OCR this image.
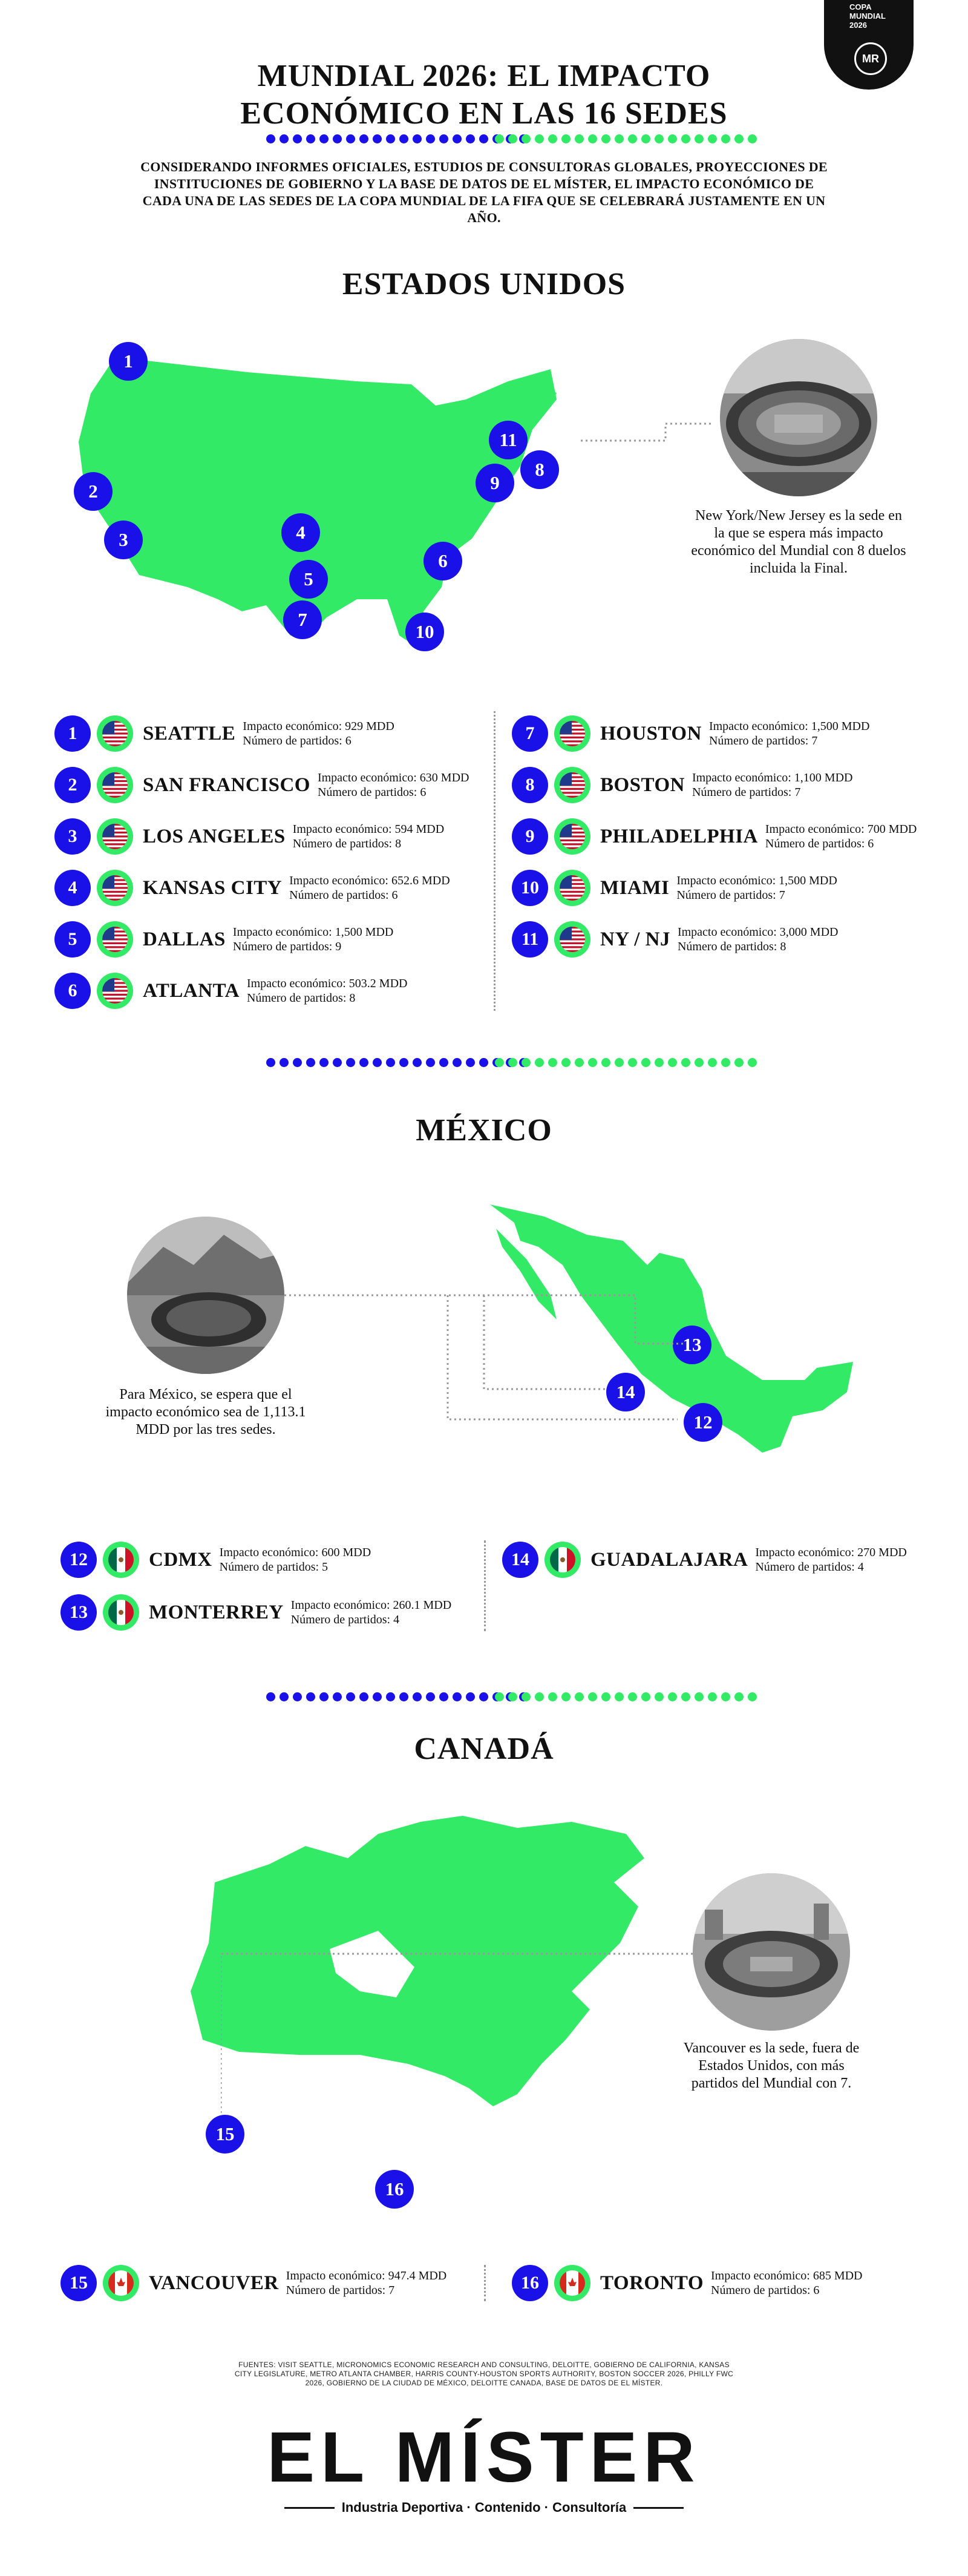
COPA
MUNDIAL
2026
MR
MUNDIAL 2026: EL IMPACTO
ECONÓMICO EN LAS 16 SEDES
CONSIDERANDO INFORMES OFICIALES, ESTUDIOS DE CONSULTORAS GLOBALES, PROYECCIONES DE INSTITUCIONES DE GOBIERNO Y LA BASE DE DATOS DE EL MÍSTER, EL IMPACTO ECONÓMICO DE CADA UNA DE LAS SEDES DE LA COPA MUNDIAL DE LA FIFA QUE SE CELEBRARÁ JUSTAMENTE EN UN AÑO.
ESTADOS UNIDOS
1
2
3	4
5
6
7
8
9
10
11
New York/New Jersey es la sede en la que se espera más impacto económico del Mundial con 8 duelos incluida la Final.
1	SEATTLE Impacto económico: 929 MDD
Número de partidos: 6
2	SAN FRANCISCO Impacto económico: 630 MDD
Número de partidos: 6
3	LOS ANGELES Impacto económico: 594 MDD
Número de partidos: 8
4	KANSAS CITY Impacto económico: 652.6 MDD
Número de partidos: 6
5	DALLAS Impacto económico: 1,500 MDD
Número de partidos: 9
6	ATLANTA Impacto económico: 503.2 MDD
Número de partidos: 8
7	HOUSTON Impacto económico: 1,500 MDD
Número de partidos: 7
8	BOSTON Impacto económico: 1,100 MDD
Número de partidos: 7
9	PHILADELPHIA Impacto económico: 700 MDD
Número de partidos: 6
10	MIAMI Impacto económico: 1,500 MDD
Número de partidos: 7
11	NY / NJ Impacto económico: 3,000 MDD
Número de partidos: 8
MÉXICO
13
14
12
Para México, se espera que el impacto económico sea de 1,113.1 MDD por las tres sedes.
12	CDMX Impacto económico: 600 MDD
Número de partidos: 5
13	MONTERREY Impacto económico: 260.1 MDD
Número de partidos: 4
14	GUADALAJARA Impacto económico: 270 MDD
Número de partidos: 4
CANADÁ
15
16
Vancouver es la sede, fuera de Estados Unidos, con más partidos del Mundial con 7.
15	VANCOUVER Impacto económico: 947.4 MDD
Número de partidos: 7	16	TORONTO Impacto económico: 685 MDD
Número de partidos: 6
FUENTES: VISIT SEATTLE, MICRONOMICS ECONOMIC RESEARCH AND CONSULTING, DELOITTE, GOBIERNO DE CALIFORNIA, KANSAS CITY LEGISLATURE, METRO ATLANTA CHAMBER, HARRIS COUNTY-HOUSTON SPORTS AUTHORITY, BOSTON SOCCER 2026, PHILLY FWC 2026, GOBIERNO DE LA CIUDAD DE MÉXICO, DELOITTE CANADA, BASE DE DATOS DE EL MÍSTER.
EL MÍSTER
Industria Deportiva · Contenido · Consultoría
